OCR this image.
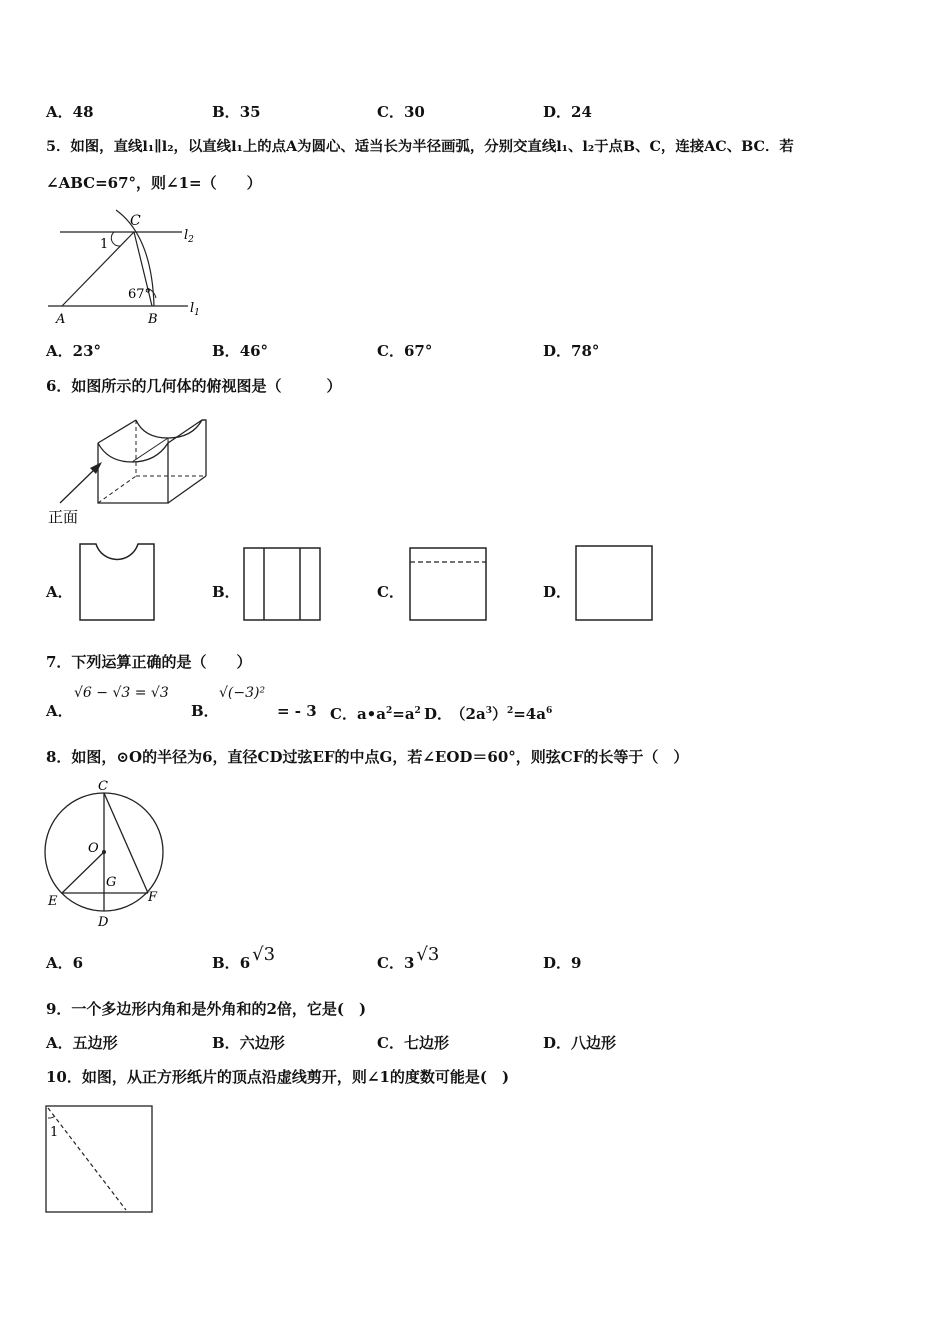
A．48	B．35	C．30	D．24
5．如图，直线l₁∥l₂，以直线l₁上的点A为圆心、适当长为半径画弧，分别交直线l₁、l₂于点B、C，连接AC、BC．若
∠ABC=67°，则∠1=（　　）
C
$l_2$
1
67°
A	B
$l_1$
A．23°	B．46°	C．67°	D．78°
6．如图所示的几何体的俯视图是（　　　）
正面
A．	B．	C．	D．
7．下列运算正确的是（　　）
A．
√6 − √3 = √3
B．
√(−3)²
= - 3 C．$a•a^2=a^2$ D． $(2a^3)^2=4a^6$
8．如图，⊙O的半径为6，直径CD过弦EF的中点G，若∠EOD＝60°，则弦CF的长等于（　）
C
O
G
E	F
D
A．6	B．6 √3	C．3 √3	D．9
9．一个多边形内角和是外角和的2倍，它是(　)
A．五边形	B．六边形	C．七边形	D．八边形
10．如图，从正方形纸片的顶点沿虚线剪开，则∠1的度数可能是(　)
1
